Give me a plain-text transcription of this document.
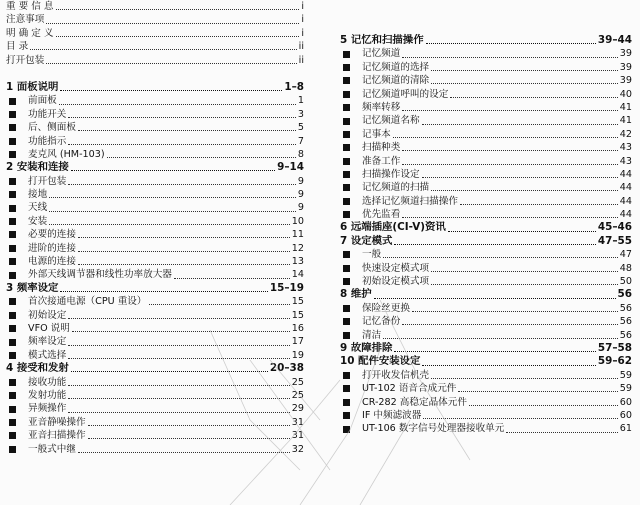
重 要 信 息	i
注意事项	i
明 确 定 义	i
目 录	ii
打开包装	ii
1 面板说明	1–8
前面板	1
功能开关	3
后、侧面板	5
功能指示	7
麦克风 (HM-103)	8
2 安装和连接	9–14
打开包装	9
接地	9
天线	9
安装	10
必要的连接	11
进阶的连接	12
电源的连接	13
外部天线调节器和线性功率放大器	14
3 频率设定	15–19
首次接通电源（CPU 重设）	15
初始设定	15
VFO 说明	16
频率设定	17
模式选择	19
4 接受和发射	20–38
接收功能	25
发射功能	25
异频操作	29
亚音静噪操作	31
亚音扫描操作	31
一般式中继	32
5 记忆和扫描操作	39–44
记忆频道	39
记忆频道的选择	39
记忆频道的清除	39
记忆频道呼叫的设定	40
频率转移	41
记忆频道名称	41
记事本	42
扫描种类	43
准备工作	43
扫描操作设定	44
记忆频道的扫描	44
选择记忆频道扫描操作	44
优先监看	44
6 远端插座(CI-V)资讯	45–46
7 设定模式	47–55
一般	47
快速设定模式项	48
初始设定模式项	50
8 维护	56
保险丝更换	56
记忆备份	56
清洁	56
9 故障排除	57–58
10 配件安装设定	59–62
打开收发信机壳	59
UT-102 语音合成元件	59
CR-282 高稳定晶体元件	60
IF 中频滤波器	60
UT-106 数字信号处理器接收单元	61
